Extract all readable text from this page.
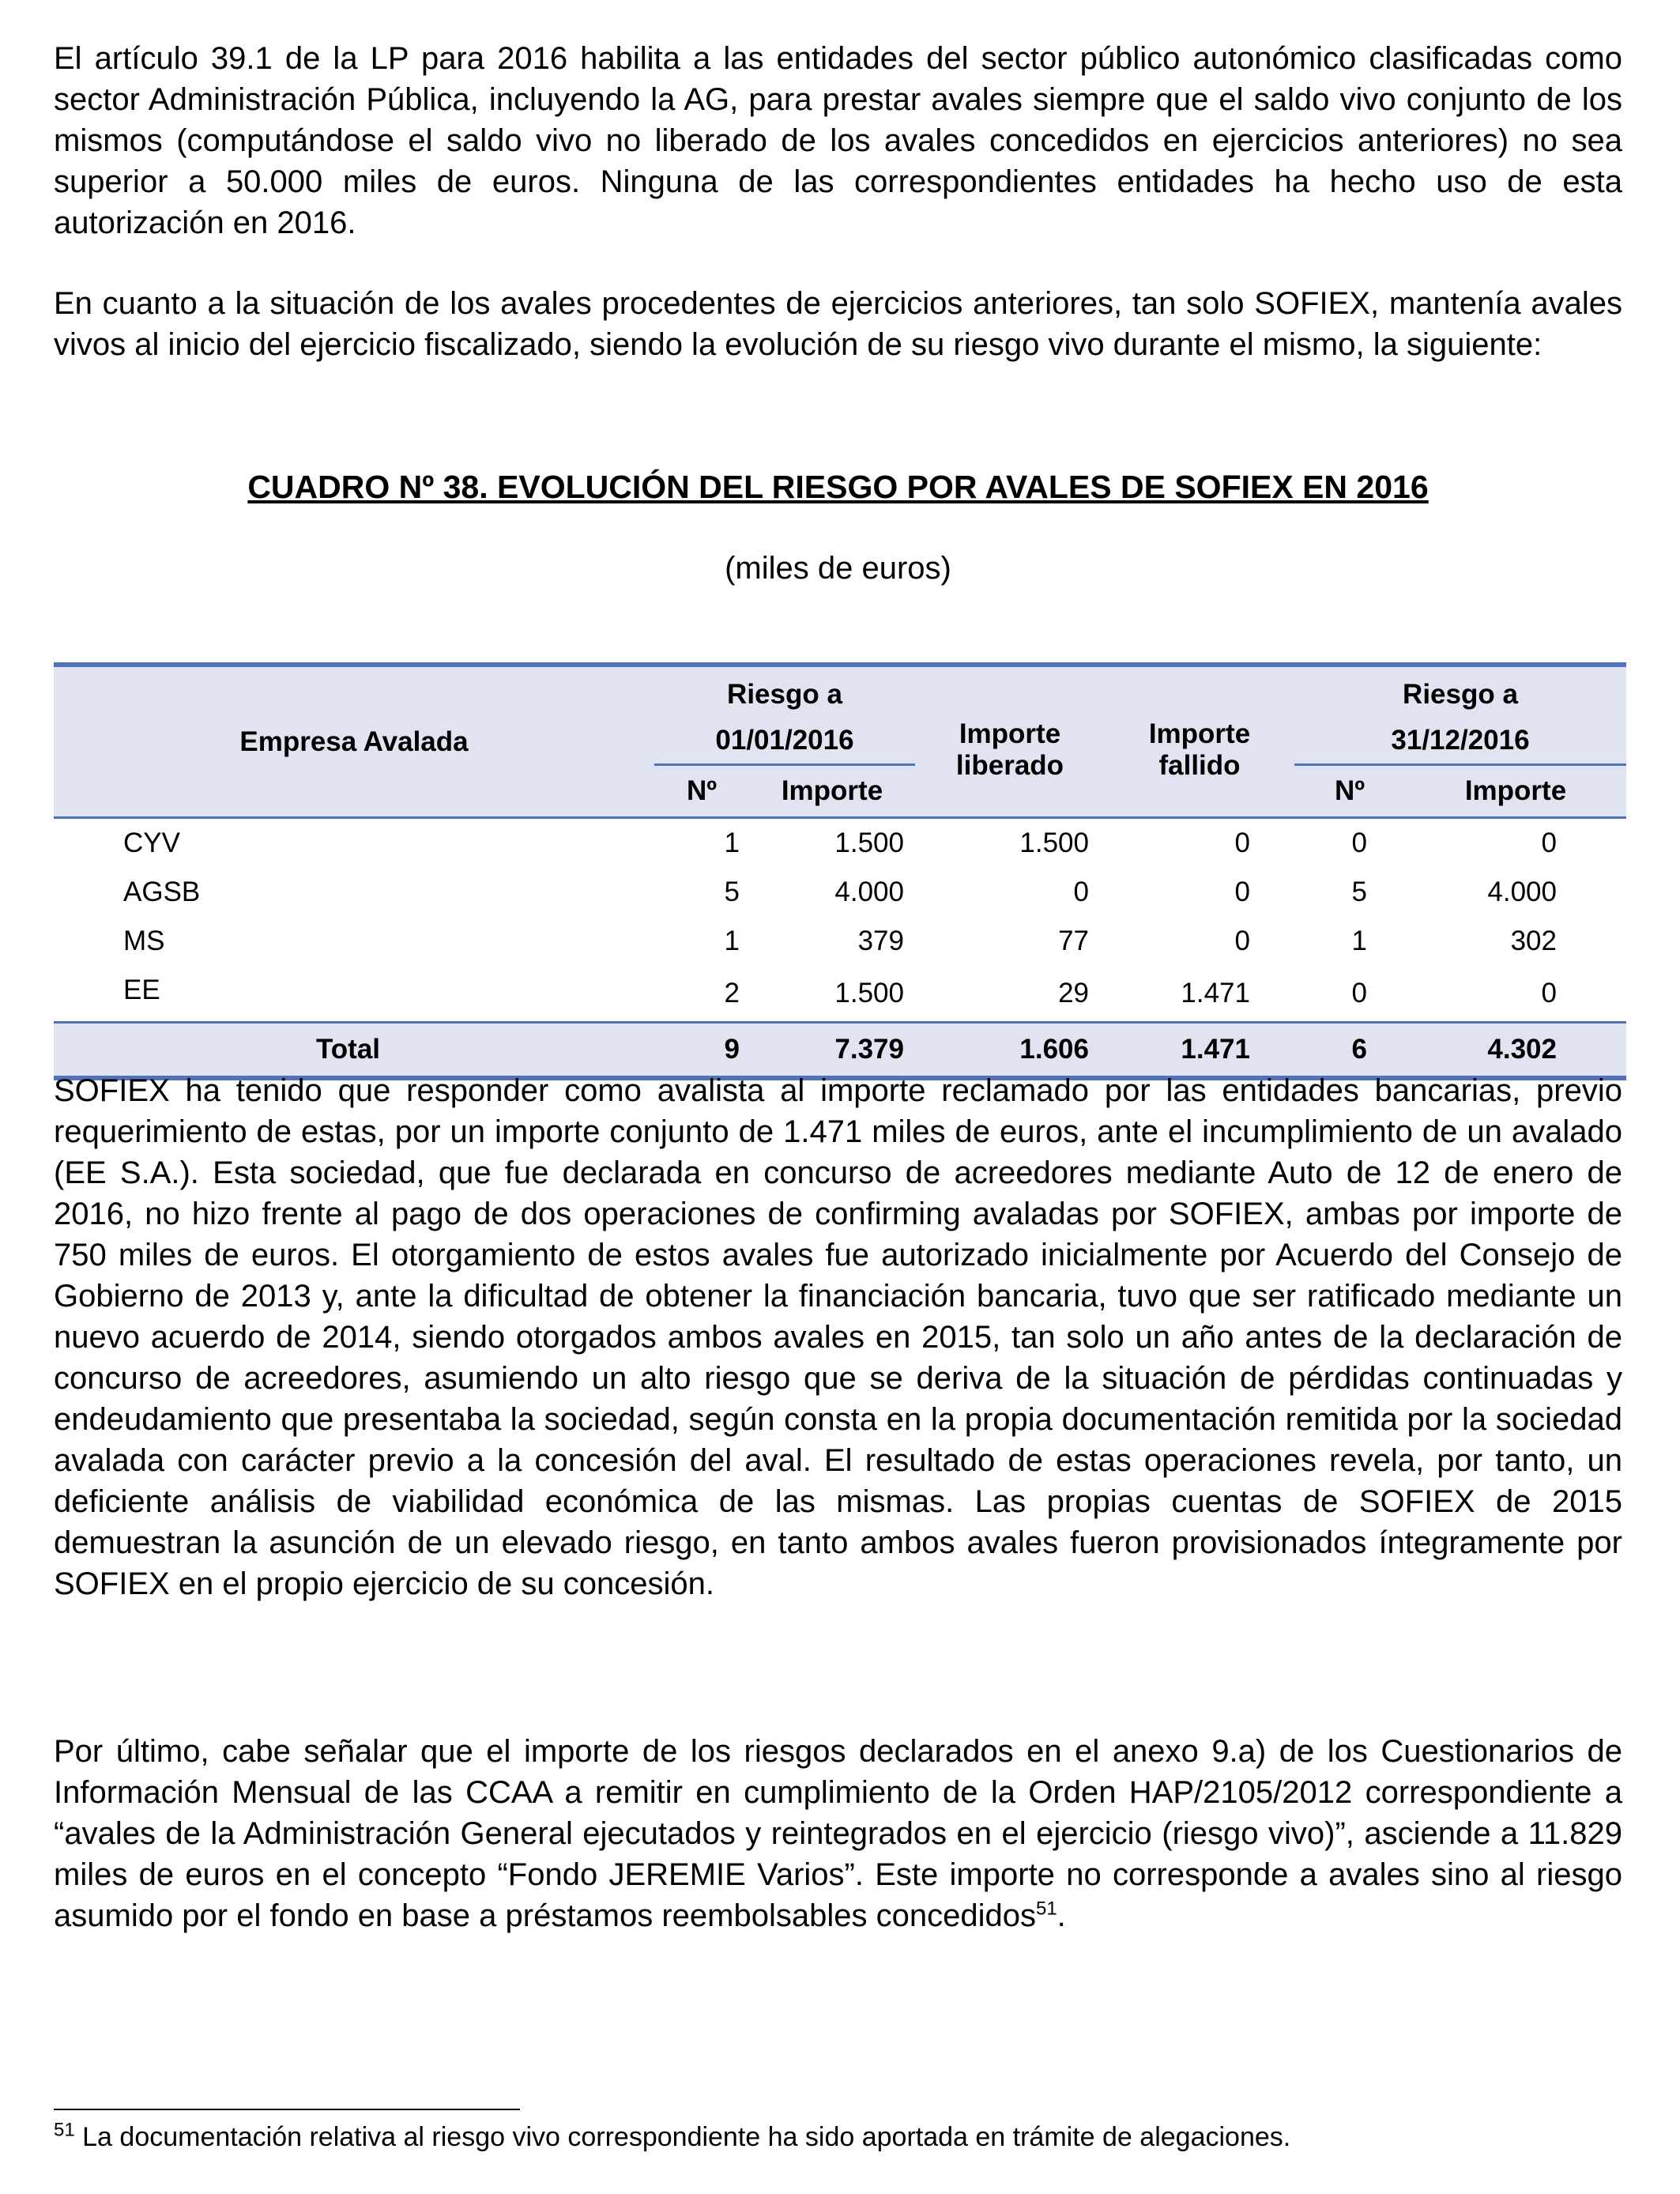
El artículo 39.1 de la LP para 2016 habilita a las entidades del sector público autonómico clasificadas como sector Administración Pública, incluyendo la AG, para prestar avales siempre que el saldo vivo conjunto de los mismos (computándose el saldo vivo no liberado de los avales concedidos en ejercicios anteriores) no sea superior a 50.000 miles de euros. Ninguna de las correspondientes entidades ha hecho uso de esta autorización en 2016.

En cuanto a la situación de los avales procedentes de ejercicios anteriores, tan solo SOFIEX, mantenía avales vivos al inicio del ejercicio fiscalizado, siendo la evolución de su riesgo vivo durante el mismo, la siguiente:

CUADRO Nº 38. EVOLUCIÓN DEL RIESGO POR AVALES DE SOFIEX EN 2016
(miles de euros)
Empresa Avalada	Riesgo a		Importe liberado	Importe fallido	Riesgo a	
	01/01/2016				31/12/2016	
	Nº	Importe			Nº	Importe
CYV	1	1.500	1.500	0	0	0
AGSB	5	4.000	0	0	5	4.000
MS	1	379	77	0	1	302
EE	2	1.500	29	1.471	0	0
Total	9	7.379	1.606	1.471	6	4.302

SOFIEX ha tenido que responder como avalista al importe reclamado por las entidades bancarias, previo requerimiento de estas, por un importe conjunto de 1.471 miles de euros, ante el incumplimiento de un avalado (EE S.A.). Esta sociedad, que fue declarada en concurso de acreedores mediante Auto de 12 de enero de 2016, no hizo frente al pago de dos operaciones de confirming avaladas por SOFIEX, ambas por importe de 750 miles de euros. El otorgamiento de estos avales fue autorizado inicialmente por Acuerdo del Consejo de Gobierno de 2013 y, ante la dificultad de obtener la financiación bancaria, tuvo que ser ratificado mediante un nuevo acuerdo de 2014, siendo otorgados ambos avales en 2015, tan solo un año antes de la declaración de concurso de acreedores, asumiendo un alto riesgo que se deriva de la situación de pérdidas continuadas y endeudamiento que presentaba la sociedad, según consta en la propia documentación remitida por la sociedad avalada con carácter previo a la concesión del aval. El resultado de estas operaciones revela, por tanto, un deficiente análisis de viabilidad económica de las mismas. Las propias cuentas de SOFIEX de 2015 demuestran la asunción de un elevado riesgo, en tanto ambos avales fueron provisionados íntegramente por SOFIEX en el propio ejercicio de su concesión.

Por último, cabe señalar que el importe de los riesgos declarados en el anexo 9.a) de los Cuestionarios de Información Mensual de las CCAA a remitir en cumplimiento de la Orden HAP/2105/2012 correspondiente a “avales de la Administración General ejecutados y reintegrados en el ejercicio (riesgo vivo)”, asciende a 11.829 miles de euros en el concepto “Fondo JEREMIE Varios”. Este importe no corresponde a avales sino al riesgo asumido por el fondo en base a préstamos reembolsables concedidos$^{51}$.

$^{51}$ La documentación relativa al riesgo vivo correspondiente ha sido aportada en trámite de alegaciones.
